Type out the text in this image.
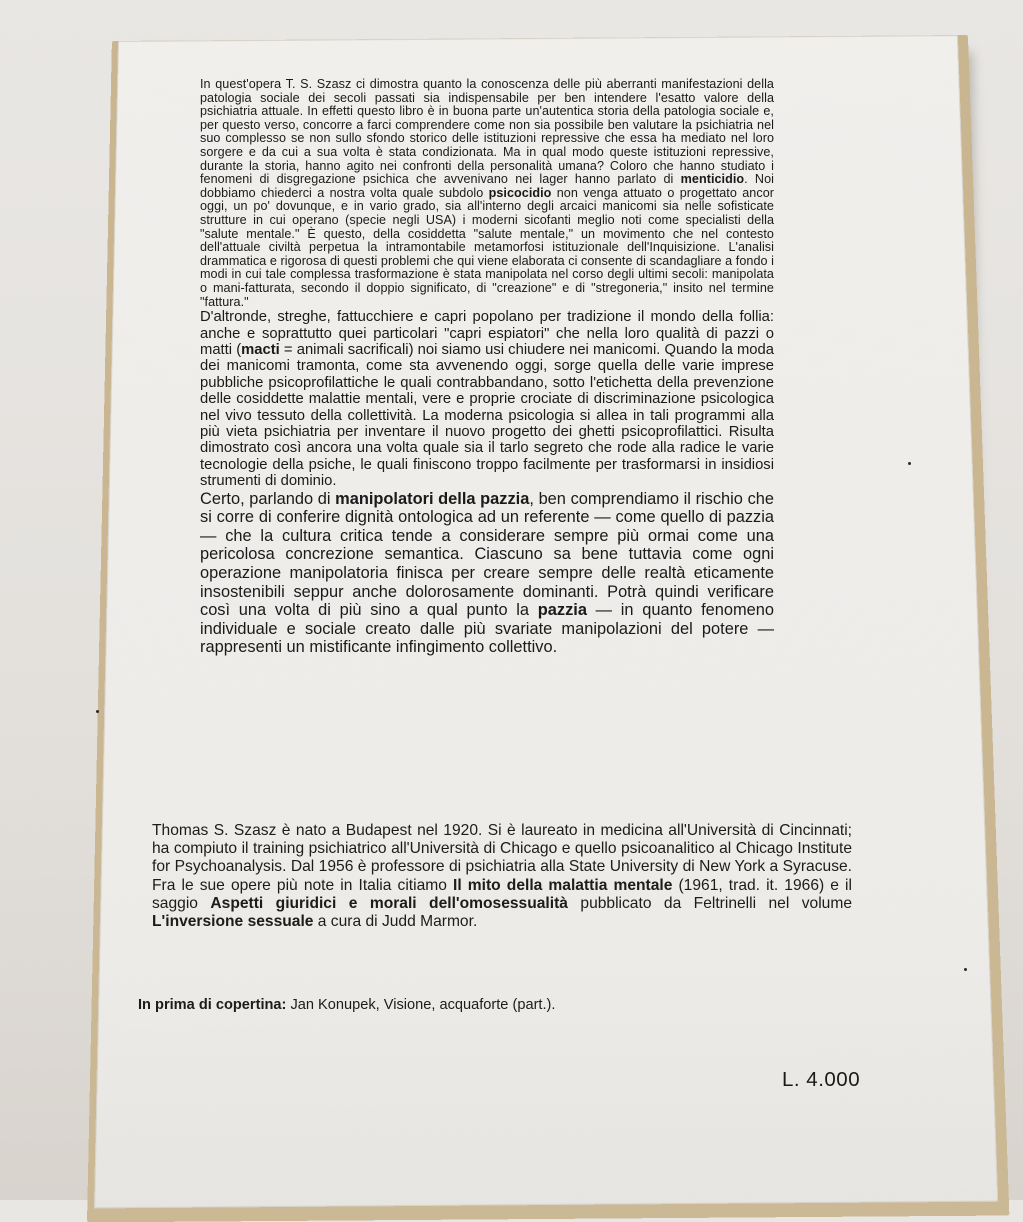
In quest'opera T. S. Szasz ci dimostra quanto la conoscenza delle più aberranti manifestazioni della patologia sociale dei secoli passati sia indispensabile per ben intendere l'esatto valore della psichiatria attuale. In effetti questo libro è in buona parte un'autentica storia della patologia sociale e, per questo verso, concorre a farci comprendere come non sia possibile ben valutare la psichiatria nel suo complesso se non sullo sfondo storico delle istituzioni repressive che essa ha mediato nel loro sorgere e da cui a sua volta è stata condizionata. Ma in qual modo queste istituzioni repressive, durante la storia, hanno agito nei confronti della personalità umana? Coloro che hanno studiato i fenomeni di disgregazione psichica che avvenivano nei lager hanno parlato di menticidio. Noi dobbiamo chiederci a nostra volta quale subdolo psicocidio non venga attuato o progettato ancor oggi, un po' dovunque, e in vario grado, sia all'interno degli arcaici manicomi sia nelle sofisticate strutture in cui operano (specie negli USA) i moderni sicofanti meglio noti come specialisti della "salute mentale." È questo, della cosiddetta "salute mentale," un movimento che nel contesto dell'attuale civiltà perpetua la intramontabile metamorfosi istituzionale dell'Inquisizione. L'analisi drammatica e rigorosa di questi problemi che qui viene elaborata ci consente di scandagliare a fondo i modi in cui tale complessa trasformazione è stata manipolata nel corso degli ultimi secoli: manipolata o mani-fatturata, secondo il doppio significato, di "creazione" e di "stregoneria," insito nel termine "fattura."

D'altronde, streghe, fattucchiere e capri popolano per tradizione il mondo della follia: anche e soprattutto quei particolari "capri espiatori" che nella loro qualità di pazzi o matti (macti = animali sacrificali) noi siamo usi chiudere nei manicomi. Quando la moda dei manicomi tramonta, come sta avvenendo oggi, sorge quella delle varie imprese pubbliche psicoprofilattiche le quali contrabbandano, sotto l'etichetta della prevenzione delle cosiddette malattie mentali, vere e proprie crociate di discriminazione psicologica nel vivo tessuto della collettività. La moderna psicologia si allea in tali programmi alla più vieta psichiatria per inventare il nuovo progetto dei ghetti psicoprofilattici. Risulta dimostrato così ancora una volta quale sia il tarlo segreto che rode alla radice le varie tecnologie della psiche, le quali finiscono troppo facilmente per trasformarsi in insidiosi strumenti di dominio.

Certo, parlando di manipolatori della pazzia, ben comprendiamo il rischio che si corre di conferire dignità ontologica ad un referente — come quello di pazzia — che la cultura critica tende a considerare sempre più ormai come una pericolosa concrezione semantica. Ciascuno sa bene tuttavia come ogni operazione manipolatoria finisca per creare sempre delle realtà eticamente insostenibili seppur anche dolorosamente dominanti. Potrà quindi verificare così una volta di più sino a qual punto la pazzia — in quanto fenomeno individuale e sociale creato dalle più svariate manipolazioni del potere — rappresenti un mistificante infingimento collettivo.

Thomas S. Szasz è nato a Budapest nel 1920. Si è laureato in medicina all'Università di Cincinnati; ha compiuto il training psichiatrico all'Università di Chicago e quello psicoanalitico al Chicago Institute for Psychoanalysis. Dal 1956 è professore di psichiatria alla State University di New York a Syracuse. Fra le sue opere più note in Italia citiamo Il mito della malattia mentale (1961, trad. it. 1966) e il saggio Aspetti giuridici e morali dell'omosessualità pubblicato da Feltrinelli nel volume L'inversione sessuale a cura di Judd Marmor.
In prima di copertina: Jan Konupek, Visione, acquaforte (part.).
L. 4.000
